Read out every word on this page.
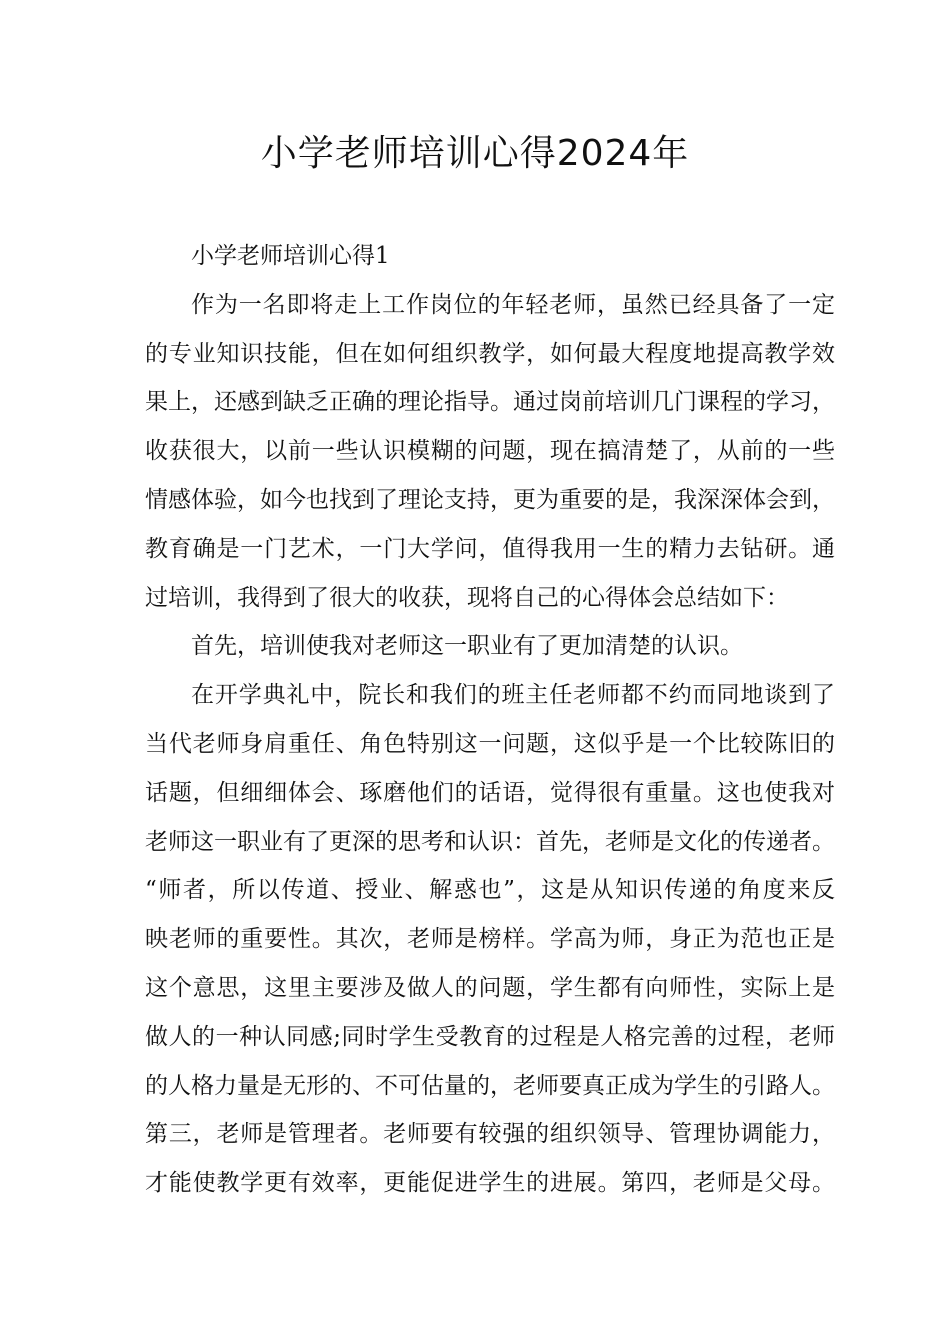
小学老师培训心得2024年
小学老师培训心得1
作为一名即将走上工作岗位的年轻老师，虽然已经具备了一定
的专业知识技能，但在如何组织教学，如何最大程度地提高教学效
果上，还感到缺乏正确的理论指导。通过岗前培训几门课程的学习，
收获很大，以前一些认识模糊的问题，现在搞清楚了，从前的一些
情感体验，如今也找到了理论支持，更为重要的是，我深深体会到，
教育确是一门艺术，一门大学问，值得我用一生的精力去钻研。通
过培训，我得到了很大的收获，现将自己的心得体会总结如下：
首先，培训使我对老师这一职业有了更加清楚的认识。
在开学典礼中，院长和我们的班主任老师都不约而同地谈到了
当代老师身肩重任、角色特别这一问题，这似乎是一个比较陈旧的
话题，但细细体会、琢磨他们的话语，觉得很有重量。这也使我对
老师这一职业有了更深的思考和认识：首先，老师是文化的传递者。
“师者，所以传道、授业、解惑也”，这是从知识传递的角度来反
映老师的重要性。其次，老师是榜样。学高为师，身正为范也正是
这个意思，这里主要涉及做人的问题，学生都有向师性，实际上是
做人的一种认同感;同时学生受教育的过程是人格完善的过程，老师
的人格力量是无形的、不可估量的，老师要真正成为学生的引路人。
第三，老师是管理者。老师要有较强的组织领导、管理协调能力，
才能使教学更有效率，更能促进学生的进展。第四，老师是父母。
